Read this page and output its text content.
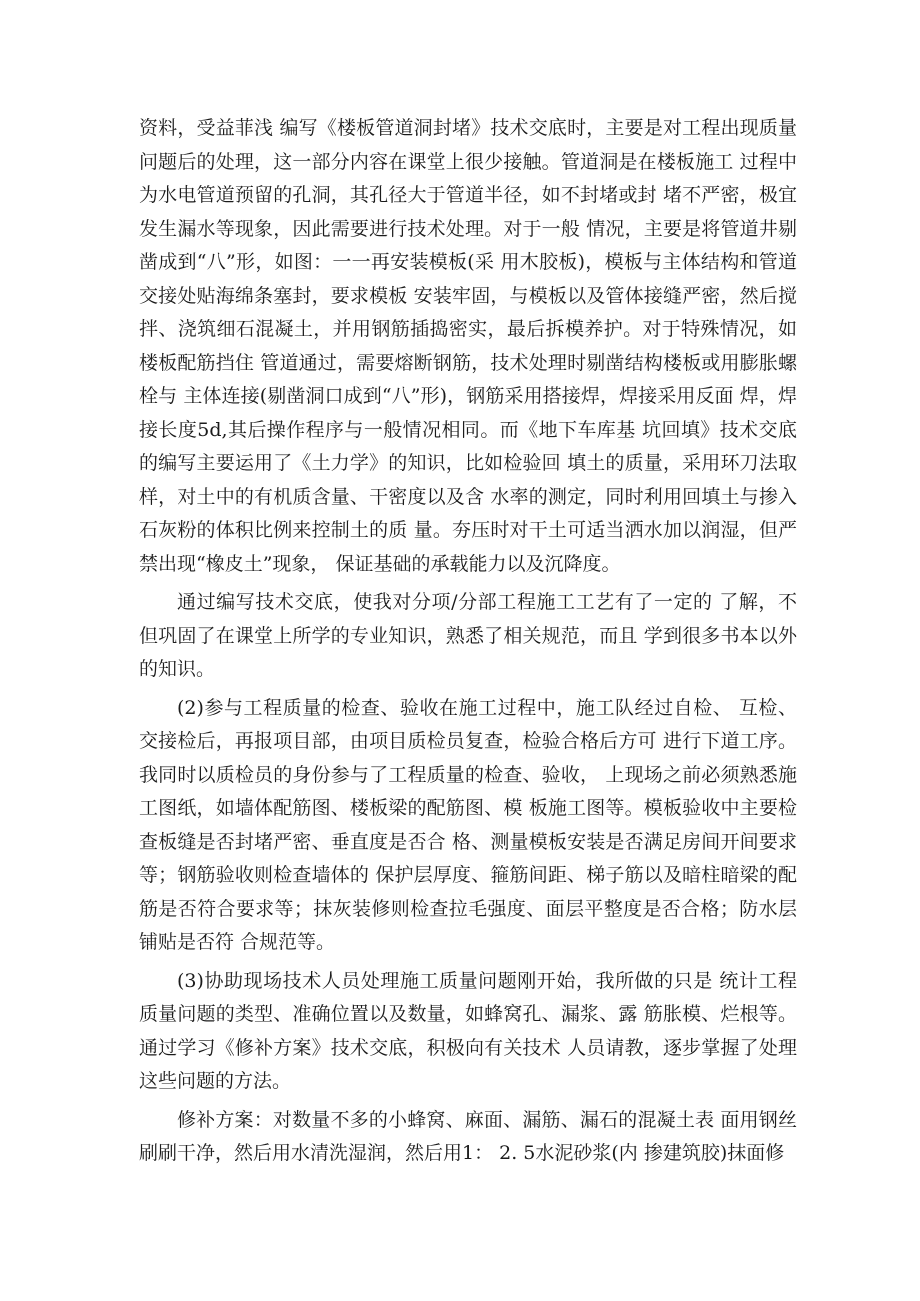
资料，受益菲浅 编写《楼板管道洞封堵》技术交底时，主要是对工程出现质量问题后的处理，这一部分内容在课堂上很少接触。管道洞是在楼板施工 过程中为水电管道预留的孔洞，其孔径大于管道半径，如不封堵或封 堵不严密，极宜发生漏水等现象，因此需要进行技术处理。对于一般 情况，主要是将管道井剔凿成到“八”形，如图：一一再安装模板(采 用木胶板)，模板与主体结构和管道交接处贴海绵条塞封，要求模板 安装牢固，与模板以及管体接缝严密，然后搅拌、浇筑细石混凝土，并用钢筋插捣密实，最后拆模养护。对于特殊情况，如楼板配筋挡住 管道通过，需要熔断钢筋，技术处理时剔凿结构楼板或用膨胀螺栓与 主体连接(剔凿洞口成到“八”形)，钢筋采用搭接焊，焊接采用反面 焊，焊接长度5d,其后操作程序与一般情况相同。而《地下车库基 坑回填》技术交底的编写主要运用了《土力学》的知识，比如检验回 填土的质量，采用环刀法取样，对土中的有机质含量、干密度以及含 水率的测定，同时利用回填土与掺入石灰粉的体积比例来控制土的质 量。夯压时对干土可适当洒水加以润湿，但严禁出现“橡皮土”现象， 保证基础的承载能力以及沉降度。

通过编写技术交底，使我对分项/分部工程施工工艺有了一定的 了解，不但巩固了在课堂上所学的专业知识，熟悉了相关规范，而且 学到很多书本以外的知识。

(2)参与工程质量的检查、验收在施工过程中，施工队经过自检、 互检、交接检后，再报项目部，由项目质检员复查，检验合格后方可 进行下道工序。我同时以质检员的身份参与了工程质量的检查、验收， 上现场之前必须熟悉施工图纸，如墙体配筋图、楼板梁的配筋图、模 板施工图等。模板验收中主要检查板缝是否封堵严密、垂直度是否合 格、测量模板安装是否满足房间开间要求等；钢筋验收则检查墙体的 保护层厚度、箍筋间距、梯子筋以及暗柱暗梁的配筋是否符合要求等；抹灰装修则检查拉毛强度、面层平整度是否合格；防水层铺贴是否符 合规范等。

(3)协助现场技术人员处理施工质量问题刚开始，我所做的只是 统计工程质量问题的类型、准确位置以及数量，如蜂窝孔、漏浆、露 筋胀模、烂根等。通过学习《修补方案》技术交底，积极向有关技术 人员请教，逐步掌握了处理这些问题的方法。

修补方案：对数量不多的小蜂窝、麻面、漏筋、漏石的混凝土表 面用钢丝刷刷干净，然后用水清洗湿润，然后用1： 2. 5水泥砂浆(内 掺建筑胶)抹面修
